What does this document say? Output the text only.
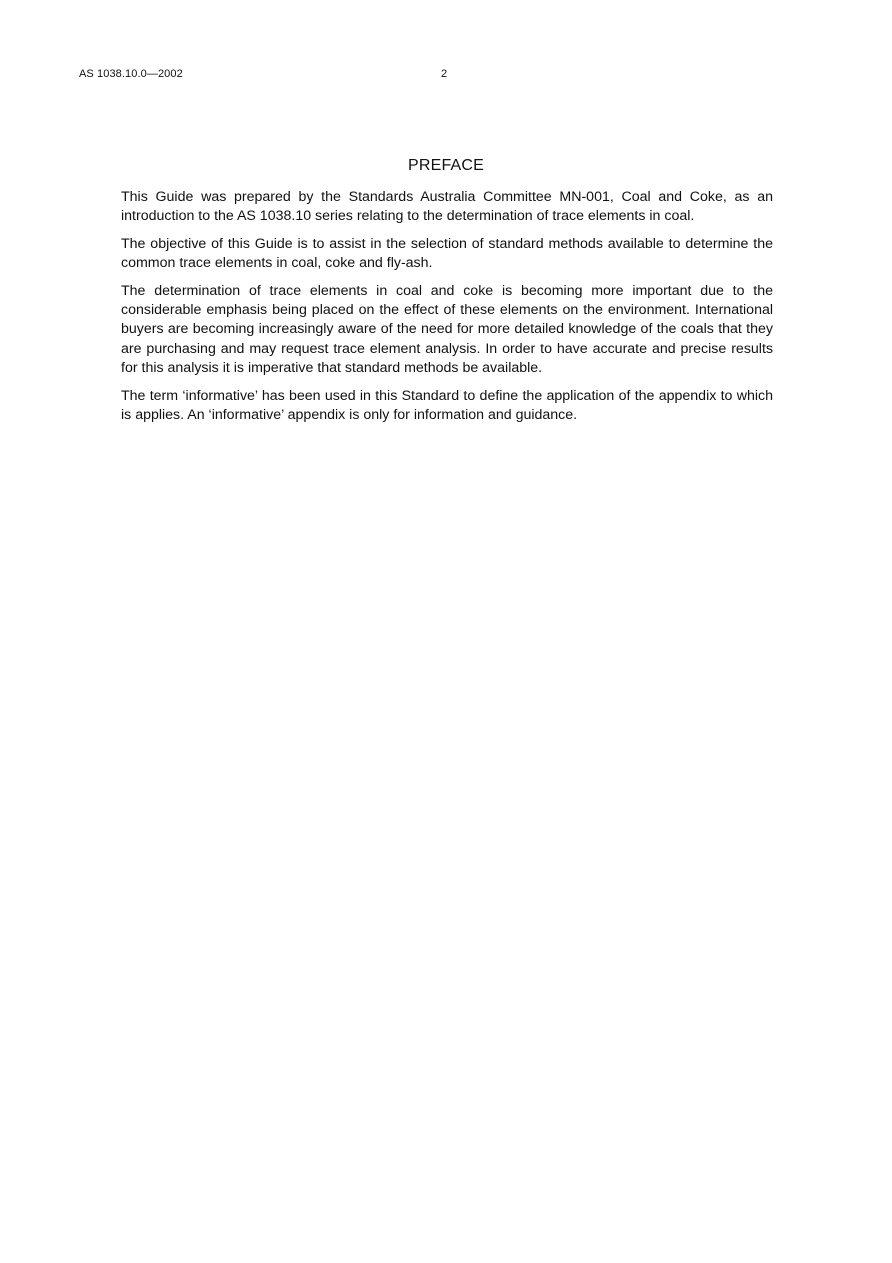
AS 1038.10.0—2002	2
PREFACE

This Guide was prepared by the Standards Australia Committee MN-001, Coal and Coke, as an introduction to the AS 1038.10 series relating to the determination of trace elements in coal.

The objective of this Guide is to assist in the selection of standard methods available to determine the common trace elements in coal, coke and fly-ash.

The determination of trace elements in coal and coke is becoming more important due to the considerable emphasis being placed on the effect of these elements on the environment. International buyers are becoming increasingly aware of the need for more detailed knowledge of the coals that they are purchasing and may request trace element analysis. In order to have accurate and precise results for this analysis it is imperative that standard methods be available.

The term ‘informative’ has been used in this Standard to define the application of the appendix to which is applies. An ‘informative’ appendix is only for information and guidance.
